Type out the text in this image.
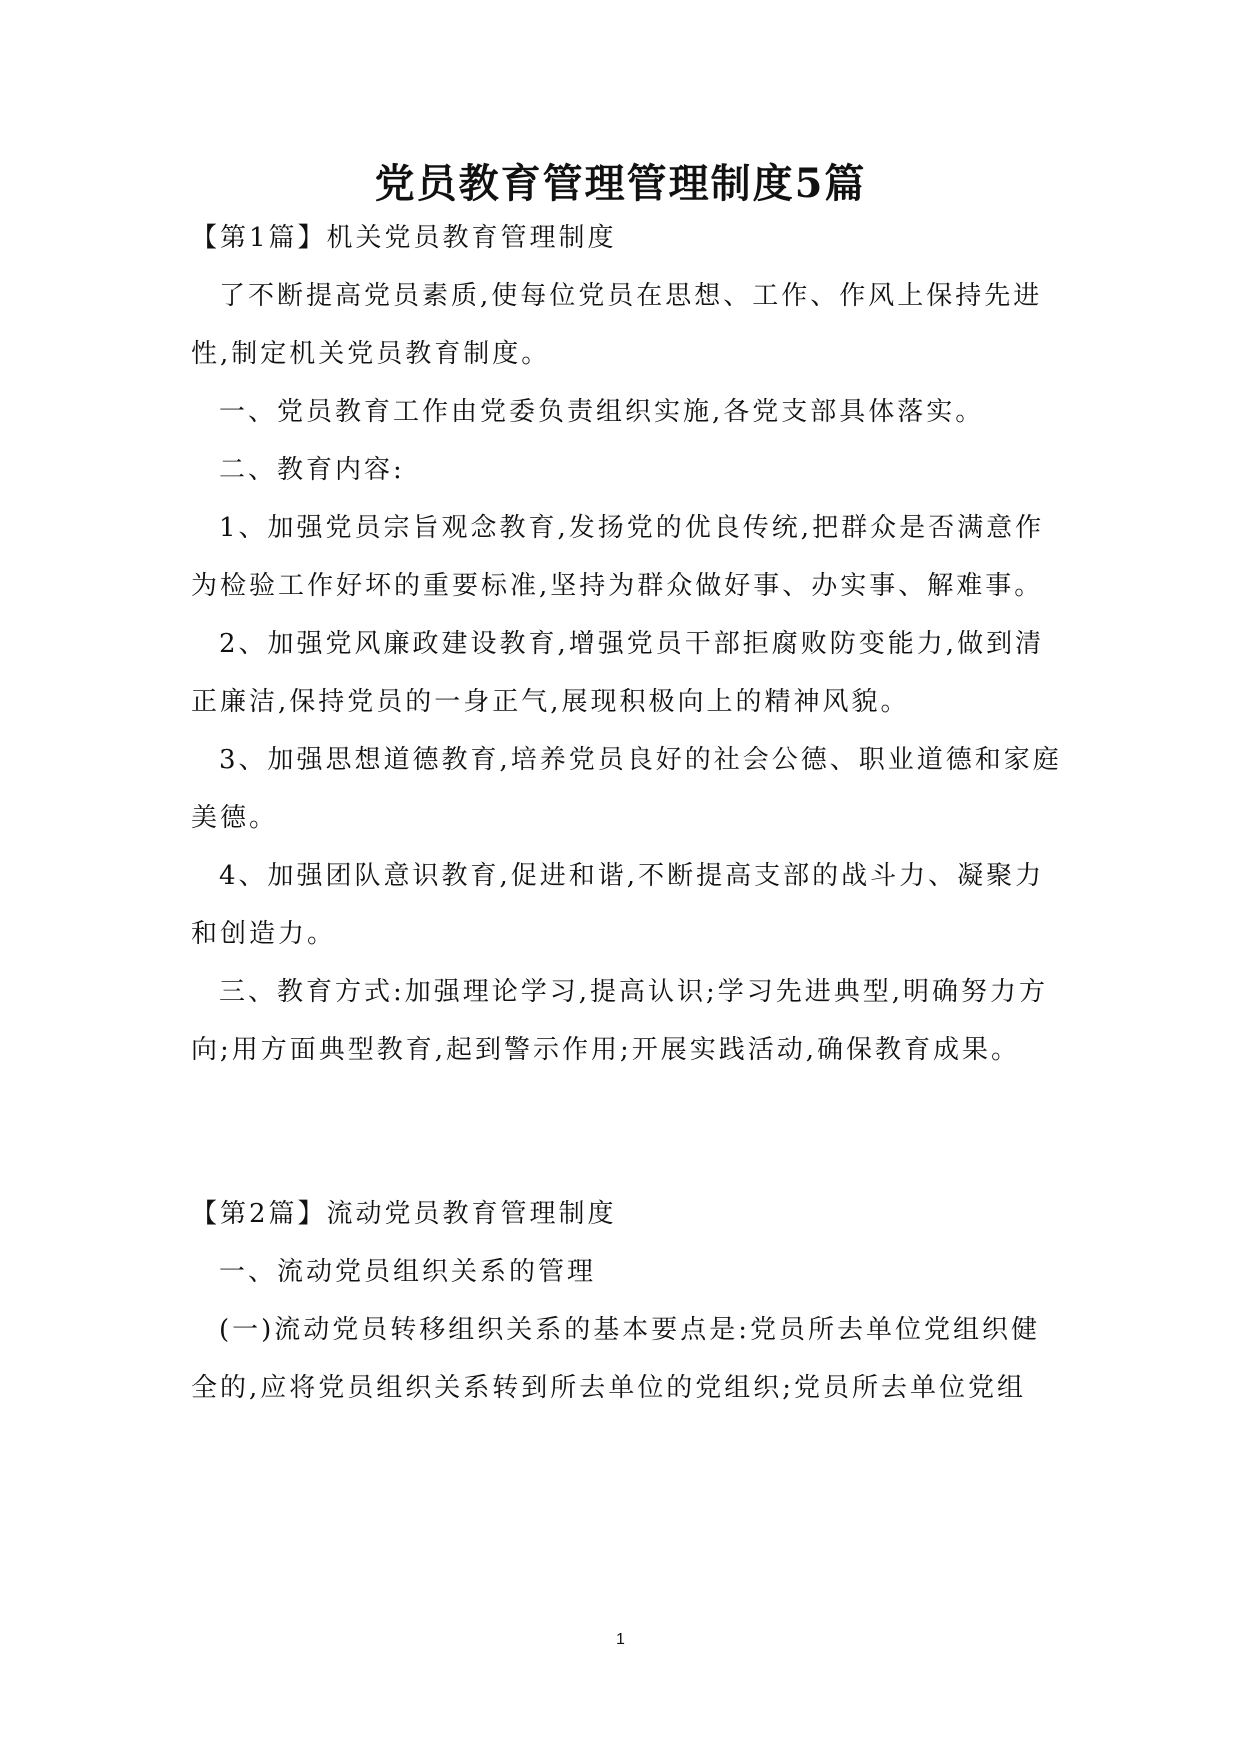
党员教育管理管理制度5篇
【第1篇】机关党员教育管理制度
了不断提高党员素质,使每位党员在思想、工作、作风上保持先进
性,制定机关党员教育制度。
一、党员教育工作由党委负责组织实施,各党支部具体落实。
二、教育内容:
1、加强党员宗旨观念教育,发扬党的优良传统,把群众是否满意作
为检验工作好坏的重要标准,坚持为群众做好事、办实事、解难事。
2、加强党风廉政建设教育,增强党员干部拒腐败防变能力,做到清
正廉洁,保持党员的一身正气,展现积极向上的精神风貌。
3、加强思想道德教育,培养党员良好的社会公德、职业道德和家庭
美德。
4、加强团队意识教育,促进和谐,不断提高支部的战斗力、凝聚力
和创造力。
三、教育方式:加强理论学习,提高认识;学习先进典型,明确努力方
向;用方面典型教育,起到警示作用;开展实践活动,确保教育成果。
【第2篇】流动党员教育管理制度
一、流动党员组织关系的管理
(一)流动党员转移组织关系的基本要点是:党员所去单位党组织健
全的,应将党员组织关系转到所去单位的党组织;党员所去单位党组
1
